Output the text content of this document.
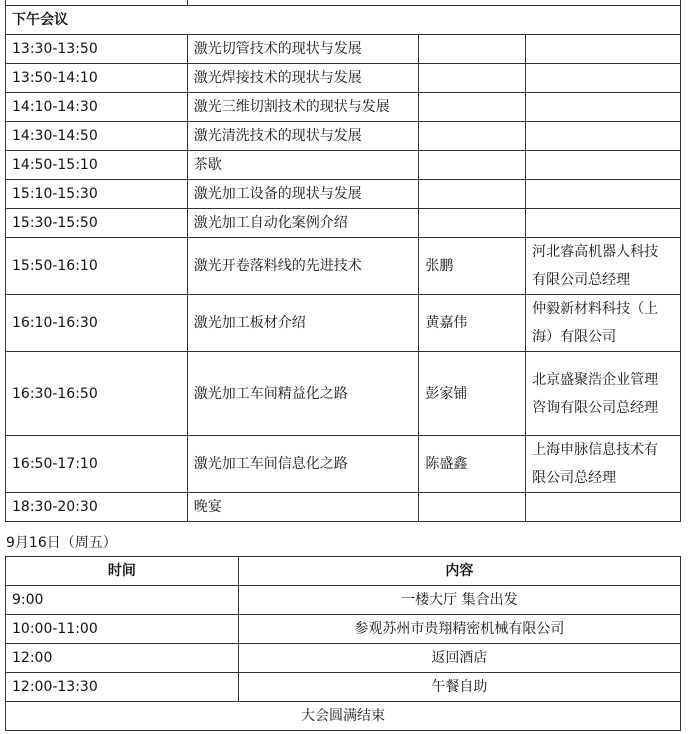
下午会议			
13:30-13:50	激光切管技术的现状与发展		
13:50-14:10	激光焊接技术的现状与发展		
14:10-14:30	激光三维切割技术的现状与发展		
14:30-14:50	激光清洗技术的现状与发展		
14:50-15:10	茶歇		
15:10-15:30	激光加工设备的现状与发展		
15:30-15:50	激光加工自动化案例介绍		
15:50-16:10	激光开卷落料线的先进技术	张鹏	河北睿高机器人科技有限公司总经理
16:10-16:30	激光加工板材介绍	黄嘉伟	仲毅新材料科技（上海）有限公司
16:30-16:50	激光加工车间精益化之路	彭家铺	北京盛聚浩企业管理咨询有限公司总经理
16:50-17:10	激光加工车间信息化之路	陈盛鑫	上海申脉信息技术有限公司总经理
18:30-20:30	晚宴		
9月16日（周五）
时间	内容
9:00	一楼大厅 集合出发
10:00-11:00	参观苏州市贵翔精密机械有限公司
12:00	返回酒店
12:00-13:30	午餐自助
大会圆满结束	
